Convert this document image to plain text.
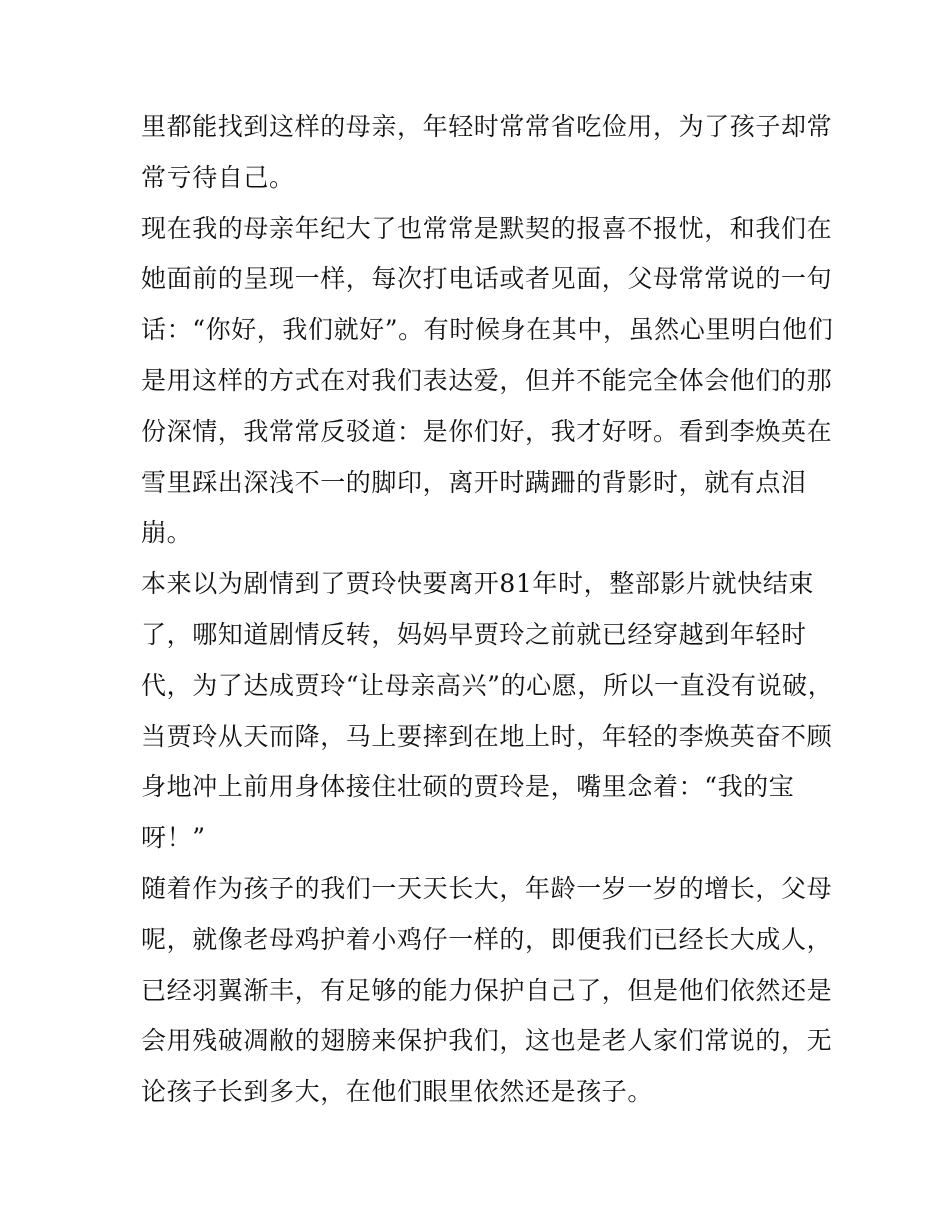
里都能找到这样的母亲，年轻时常常省吃俭用，为了孩子却常
常亏待自己。

现在我的母亲年纪大了也常常是默契的报喜不报忧，和我们在
她面前的呈现一样，每次打电话或者见面，父母常常说的一句
话：“你好，我们就好”。有时候身在其中，虽然心里明白他们
是用这样的方式在对我们表达爱，但并不能完全体会他们的那
份深情，我常常反驳道：是你们好，我才好呀。看到李焕英在
雪里踩出深浅不一的脚印，离开时蹒跚的背影时，就有点泪
崩。

本来以为剧情到了贾玲快要离开81年时，整部影片就快结束
了，哪知道剧情反转，妈妈早贾玲之前就已经穿越到年轻时
代，为了达成贾玲“让母亲高兴”的心愿，所以一直没有说破，
当贾玲从天而降，马上要摔到在地上时，年轻的李焕英奋不顾
身地冲上前用身体接住壮硕的贾玲是，嘴里念着：“我的宝
呀！”

随着作为孩子的我们一天天长大，年龄一岁一岁的增长，父母
呢，就像老母鸡护着小鸡仔一样的，即便我们已经长大成人，
已经羽翼渐丰，有足够的能力保护自己了，但是他们依然还是
会用残破凋敝的翅膀来保护我们，这也是老人家们常说的，无
论孩子长到多大，在他们眼里依然还是孩子。
